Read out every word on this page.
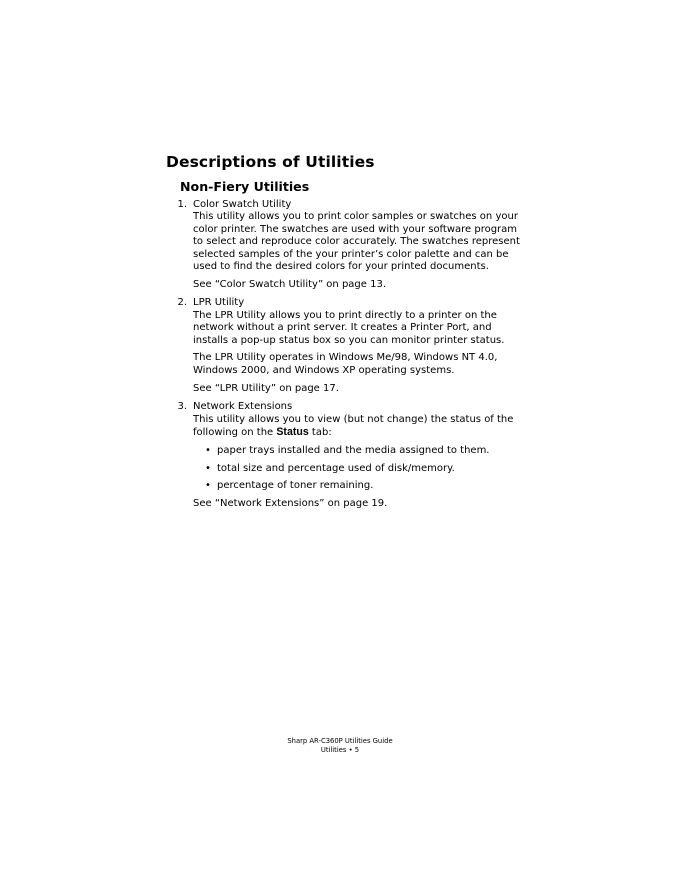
Descriptions of Utilities
Non-Fiery Utilities
1. Color Swatch Utility
This utility allows you to print color samples or swatches on your color printer. The swatches are used with your software program to select and reproduce color accurately. The swatches represent selected samples of the your printer’s color palette and can be used to find the desired colors for your printed documents.
See “Color Swatch Utility” on page 13.
2. LPR Utility
The LPR Utility allows you to print directly to a printer on the network without a print server. It creates a Printer Port, and installs a pop-up status box so you can monitor printer status.
The LPR Utility operates in Windows Me/98, Windows NT 4.0, Windows 2000, and Windows XP operating systems.
See “LPR Utility” on page 17.
3. Network Extensions
This utility allows you to view (but not change) the status of the following on the Status tab:
• paper trays installed and the media assigned to them.
• total size and percentage used of disk/memory.
• percentage of toner remaining.
See “Network Extensions” on page 19.
Sharp AR-C360P Utilities Guide
Utilities • 5
